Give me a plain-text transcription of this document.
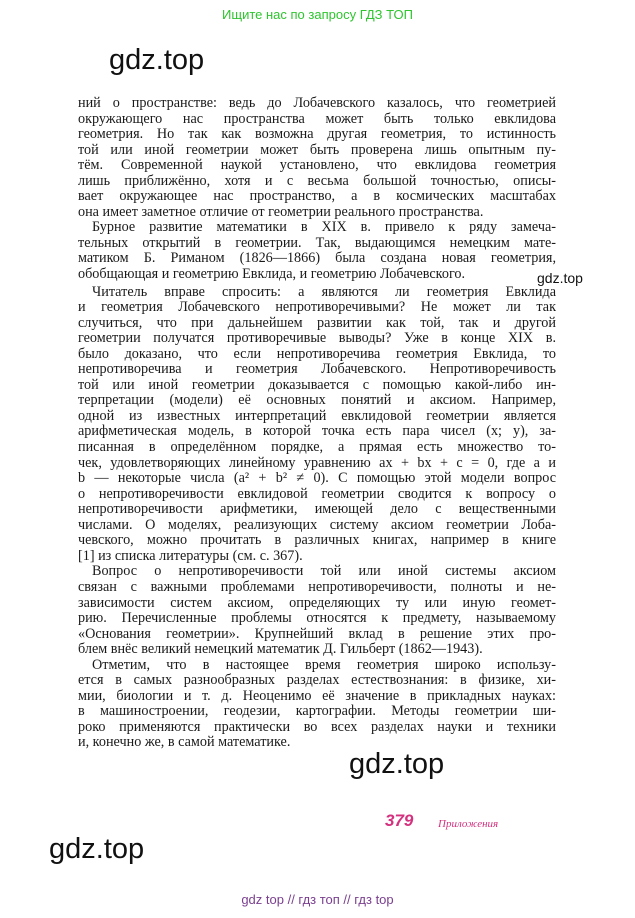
Ищите нас по запросу ГДЗ ТОП
gdz.top
gdz.top
gdz.top
gdz.top
ний о пространстве: ведь до Лобачевского казалось, что геометрией
окружающего нас пространства может быть только евклидова
геометрия. Но так как возможна другая геометрия, то истинность
той или иной геометрии может быть проверена лишь опытным пу-
тём. Современной наукой установлено, что евклидова геометрия
лишь приближённо, хотя и с весьма большой точностью, описы-
вает окружающее нас пространство, а в космических масштабах
она имеет заметное отличие от геометрии реального пространства.
Бурное развитие математики в XIX в. привело к ряду замеча-
тельных открытий в геометрии. Так, выдающимся немецким мате-
матиком Б. Риманом (1826—1866) была создана новая геометрия,
обобщающая и геометрию Евклида, и геометрию Лобачевского.
Читатель вправе спросить: а являются ли геометрия Евклида
и геометрия Лобачевского непротиворечивыми? Не может ли так
случиться, что при дальнейшем развитии как той, так и другой
геометрии получатся противоречивые выводы? Уже в конце XIX в.
было доказано, что если непротиворечива геометрия Евклида, то
непротиворечива и геометрия Лобачевского. Непротиворечивость
той или иной геометрии доказывается с помощью какой-либо ин-
терпретации (модели) её основных понятий и аксиом. Например,
одной из известных интерпретаций евклидовой геометрии является
арифметическая модель, в которой точка есть пара чисел (x; y), за-
писанная в определённом порядке, а прямая есть множество то-
чек, удовлетворяющих линейному уравнению ax + bx + c = 0, где a и
b — некоторые числа (a² + b² ≠ 0). С помощью этой модели вопрос
о непротиворечивости евклидовой геометрии сводится к вопросу о
непротиворечивости арифметики, имеющей дело с вещественными
числами. О моделях, реализующих систему аксиом геометрии Лоба-
чевского, можно прочитать в различных книгах, например в книге
[1] из списка литературы (см. с. 367).
Вопрос о непротиворечивости той или иной системы аксиом
связан с важными проблемами непротиворечивости, полноты и не-
зависимости систем аксиом, определяющих ту или иную геомет-
рию. Перечисленные проблемы относятся к предмету, называемому
«Основания геометрии». Крупнейший вклад в решение этих про-
блем внёс великий немецкий математик Д. Гильберт (1862—1943).
Отметим, что в настоящее время геометрия широко использу-
ется в самых разнообразных разделах естествознания: в физике, хи-
мии, биологии и т. д. Неоценимо её значение в прикладных науках:
в машиностроении, геодезии, картографии. Методы геометрии ши-
роко применяются практически во всех разделах науки и техники
и, конечно же, в самой математике.
379 Приложения
gdz top // гдз топ // гдз top
